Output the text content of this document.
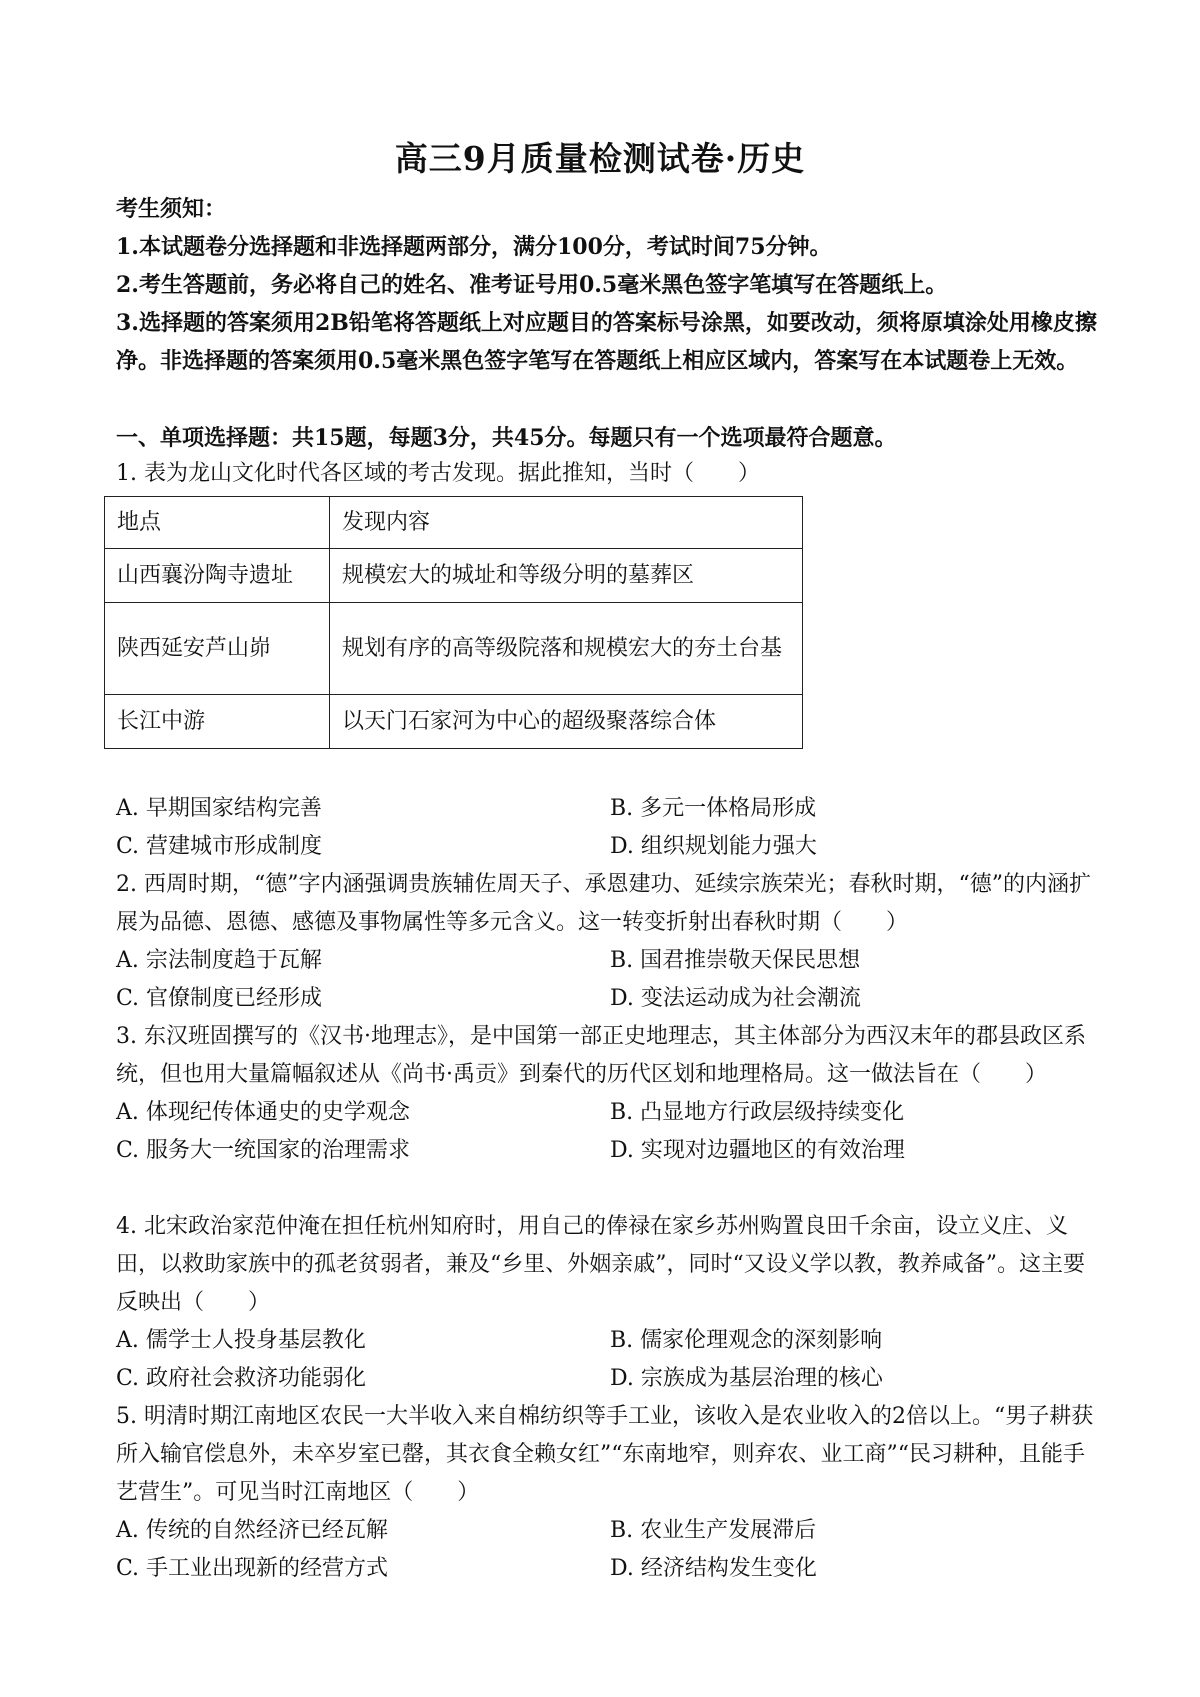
高三9月质量检测试卷·历史

考生须知：

1.本试题卷分选择题和非选择题两部分，满分100分，考试时间75分钟。

2.考生答题前，务必将自己的姓名、准考证号用0.5毫米黑色签字笔填写在答题纸上。

3.选择题的答案须用2B铅笔将答题纸上对应题目的答案标号涂黑，如要改动，须将原填涂处用橡皮擦净。非选择题的答案须用0.5毫米黑色签字笔写在答题纸上相应区域内，答案写在本试题卷上无效。

一、单项选择题：共15题，每题3分，共45分。每题只有一个选项最符合题意。

1. 表为龙山文化时代各区域的考古发现。据此推知，当时（　　）

地点	发现内容
山西襄汾陶寺遗址	规模宏大的城址和等级分明的墓葬区
陕西延安芦山峁	规划有序的高等级院落和规模宏大的夯土台基
长江中游	以天门石家河为中心的超级聚落综合体
A. 早期国家结构完善	B. 多元一体格局形成
C. 营建城市形成制度	D. 组织规划能力强大

2. 西周时期，“德”字内涵强调贵族辅佐周天子、承恩建功、延续宗族荣光；春秋时期，“德”的内涵扩展为品德、恩德、感德及事物属性等多元含义。这一转变折射出春秋时期（　　）

A. 宗法制度趋于瓦解	B. 国君推崇敬天保民思想
C. 官僚制度已经形成	D. 变法运动成为社会潮流

3. 东汉班固撰写的《汉书·地理志》，是中国第一部正史地理志，其主体部分为西汉末年的郡县政区系统，但也用大量篇幅叙述从《尚书·禹贡》到秦代的历代区划和地理格局。这一做法旨在（　　）

A. 体现纪传体通史的史学观念	B. 凸显地方行政层级持续变化
C. 服务大一统国家的治理需求	D. 实现对边疆地区的有效治理

4. 北宋政治家范仲淹在担任杭州知府时，用自己的俸禄在家乡苏州购置良田千余亩，设立义庄、义田，以救助家族中的孤老贫弱者，兼及“乡里、外姻亲戚”，同时“又设义学以教，教养咸备”。这主要反映出（　　）

A. 儒学士人投身基层教化	B. 儒家伦理观念的深刻影响
C. 政府社会救济功能弱化	D. 宗族成为基层治理的核心

5. 明清时期江南地区农民一大半收入来自棉纺织等手工业，该收入是农业收入的2倍以上。“男子耕获所入输官偿息外，未卒岁室已罄，其衣食全赖女红”“东南地窄，则弃农、业工商”“民习耕种，且能手艺营生”。可见当时江南地区（　　）

A. 传统的自然经济已经瓦解	B. 农业生产发展滞后
C. 手工业出现新的经营方式	D. 经济结构发生变化
